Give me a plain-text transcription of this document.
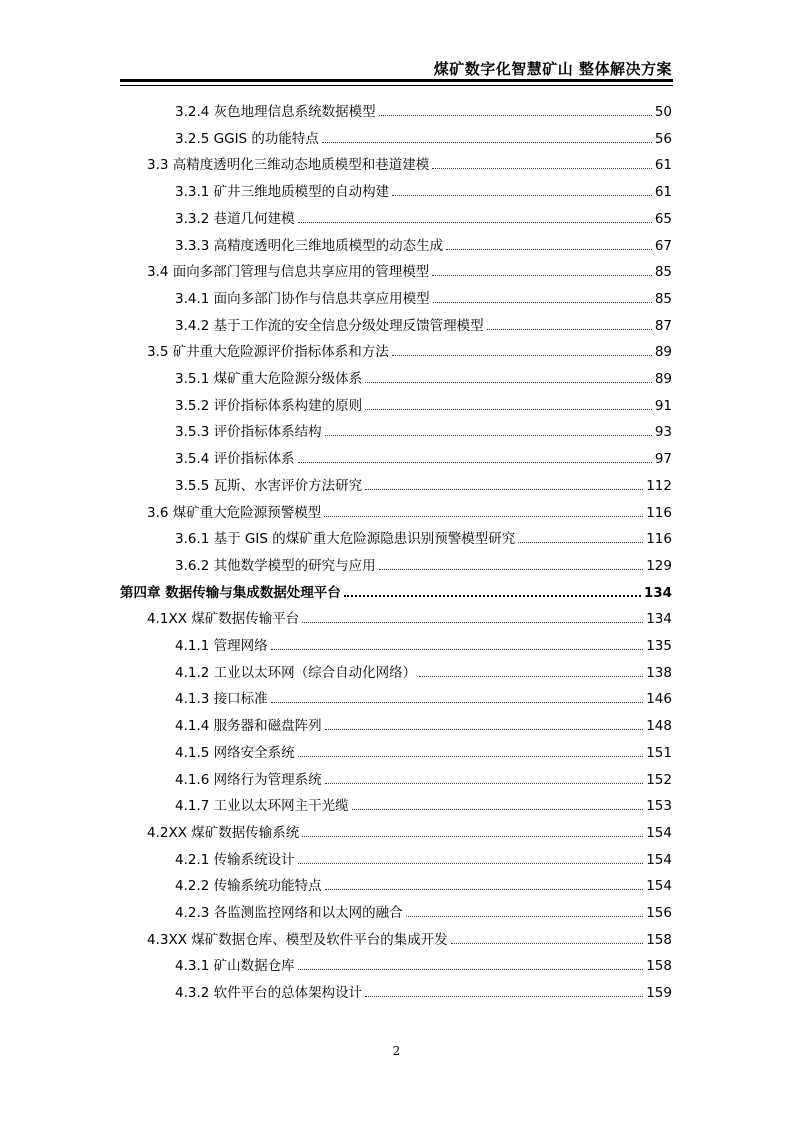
煤矿数字化智慧矿山 整体解决方案
3.2.4 灰色地理信息系统数据模型	50
3.2.5 GGIS 的功能特点	56
3.3 高精度透明化三维动态地质模型和巷道建模	61
3.3.1 矿井三维地质模型的自动构建	61
3.3.2 巷道几何建模	65
3.3.3 高精度透明化三维地质模型的动态生成	67
3.4 面向多部门管理与信息共享应用的管理模型	85
3.4.1 面向多部门协作与信息共享应用模型	85
3.4.2 基于工作流的安全信息分级处理反馈管理模型	87
3.5 矿井重大危险源评价指标体系和方法	89
3.5.1 煤矿重大危险源分级体系	89
3.5.2 评价指标体系构建的原则	91
3.5.3 评价指标体系结构	93
3.5.4 评价指标体系	97
3.5.5 瓦斯、水害评价方法研究	112
3.6 煤矿重大危险源预警模型	116
3.6.1 基于 GIS 的煤矿重大危险源隐患识别预警模型研究	116
3.6.2 其他数学模型的研究与应用	129
第四章 数据传输与集成数据处理平台	134
4.1XX 煤矿数据传输平台	134
4.1.1 管理网络	135
4.1.2 工业以太环网（综合自动化网络）	138
4.1.3 接口标准	146
4.1.4 服务器和磁盘阵列	148
4.1.5 网络安全系统	151
4.1.6 网络行为管理系统	152
4.1.7 工业以太环网主干光缆	153
4.2XX 煤矿数据传输系统	154
4.2.1 传输系统设计	154
4.2.2 传输系统功能特点	154
4.2.3 各监测监控网络和以太网的融合	156
4.3XX 煤矿数据仓库、模型及软件平台的集成开发	158
4.3.1 矿山数据仓库	158
4.3.2 软件平台的总体架构设计	159
2
